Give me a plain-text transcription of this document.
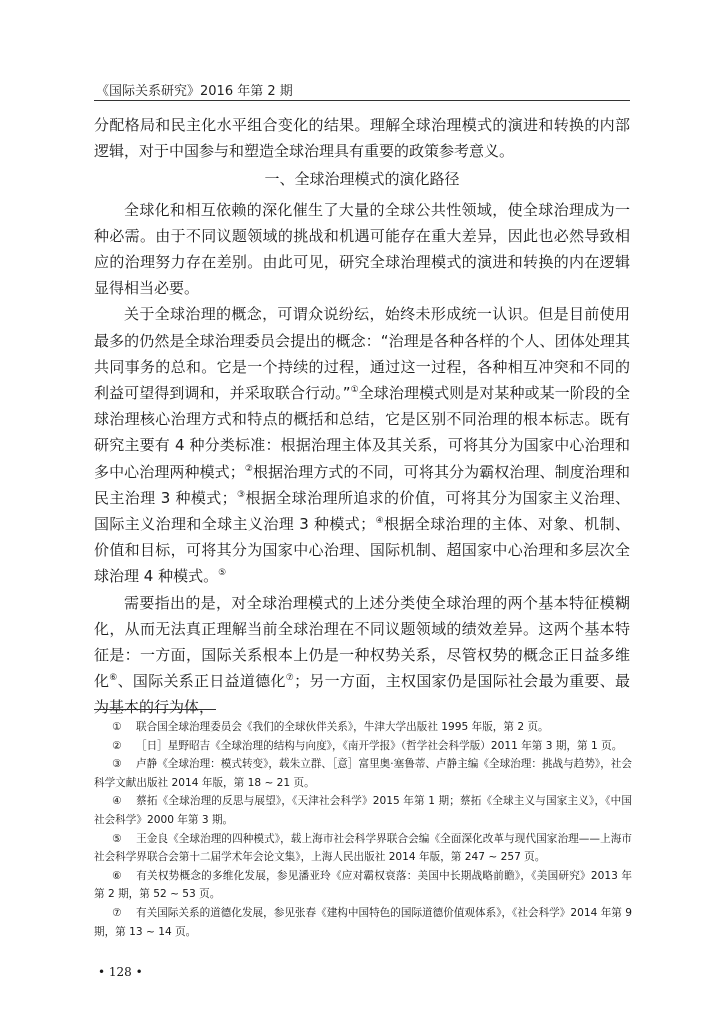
《国际关系研究》2016 年第 2 期

分配格局和民主化水平组合变化的结果。理解全球治理模式的演进和转换的内部逻辑，对于中国参与和塑造全球治理具有重要的政策参考意义。

一、全球治理模式的演化路径

全球化和相互依赖的深化催生了大量的全球公共性领域，使全球治理成为一种必需。由于不同议题领域的挑战和机遇可能存在重大差异，因此也必然导致相应的治理努力存在差别。由此可见，研究全球治理模式的演进和转换的内在逻辑显得相当必要。

关于全球治理的概念，可谓众说纷纭，始终未形成统一认识。但是目前使用最多的仍然是全球治理委员会提出的概念：“治理是各种各样的个人、团体处理其共同事务的总和。它是一个持续的过程，通过这一过程，各种相互冲突和不同的利益可望得到调和，并采取联合行动。”①全球治理模式则是对某种或某一阶段的全球治理核心治理方式和特点的概括和总结，它是区别不同治理的根本标志。既有研究主要有 4 种分类标准：根据治理主体及其关系，可将其分为国家中心治理和多中心治理两种模式；②根据治理方式的不同，可将其分为霸权治理、制度治理和民主治理 3 种模式；③根据全球治理所追求的价值，可将其分为国家主义治理、国际主义治理和全球主义治理 3 种模式；④根据全球治理的主体、对象、机制、价值和目标，可将其分为国家中心治理、国际机制、超国家中心治理和多层次全球治理 4 种模式。⑤

需要指出的是，对全球治理模式的上述分类使全球治理的两个基本特征模糊化，从而无法真正理解当前全球治理在不同议题领域的绩效差异。这两个基本特征是：一方面，国际关系根本上仍是一种权势关系，尽管权势的概念正日益多维化⑥、国际关系正日益道德化⑦；另一方面，主权国家仍是国际社会最为重要、最为基本的行为体，

① 联合国全球治理委员会《我们的全球伙伴关系》，牛津大学出版社 1995 年版，第 2 页。

② ［日］星野昭吉《全球治理的结构与向度》，《南开学报》（哲学社会科学版）2011 年第 3 期，第 1 页。

③ 卢静《全球治理：模式转变》，载朱立群、［意］富里奥·塞鲁蒂、卢静主编《全球治理：挑战与趋势》，社会科学文献出版社 2014 年版，第 18 ~ 21 页。

④ 蔡拓《全球治理的反思与展望》，《天津社会科学》2015 年第 1 期；蔡拓《全球主义与国家主义》，《中国社会科学》2000 年第 3 期。

⑤ 王金良《全球治理的四种模式》，载上海市社会科学界联合会编《全面深化改革与现代国家治理——上海市社会科学界联合会第十二届学术年会论文集》，上海人民出版社 2014 年版，第 247 ~ 257 页。

⑥ 有关权势概念的多维化发展，参见潘亚玲《应对霸权衰落：美国中长期战略前瞻》，《美国研究》2013 年第 2 期，第 52 ~ 53 页。

⑦ 有关国际关系的道德化发展，参见张春《建构中国特色的国际道德价值观体系》，《社会科学》2014 年第 9 期，第 13 ~ 14 页。

• 128 •
